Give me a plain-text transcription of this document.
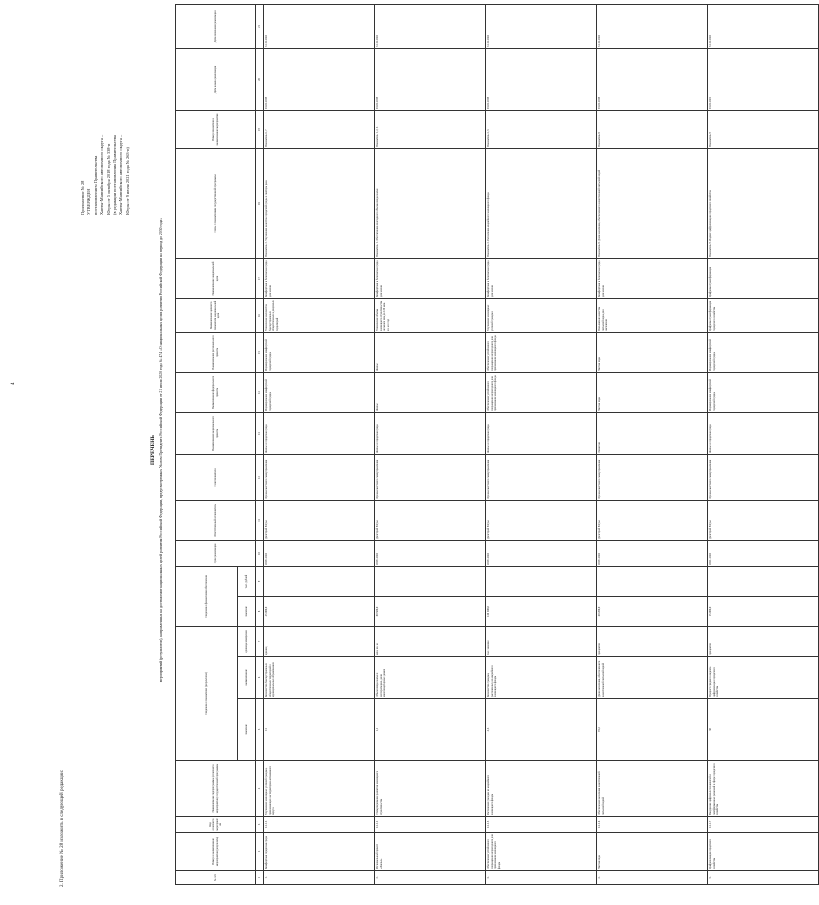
4
2. Приложение № 28 изложить в следующей редакции:
Приложение № 28 УТВЕРЖДЕН постановлением Правительства Ханты-Мансийского автономного округа – Югры от 5 октября 2018 года № 338-п (в редакции постановления Правительства Ханты-Мансийского автономного округа – Югры от 9 июля 2021 года № 263-п)
ПЕРЕЧЕНЬ мероприятий (результатов), направленных на достижение национальных целей развития Российской Федерации, предусмотренных Указом Президента Российской Федерации от 21 июля 2020 года № 474 «О национальных целях развития Российской Федерации на период до 2030 года»
№ п/п	Номер и наименование мероприятия (результата)	Код основного мероприятия	Наименование подпрограммы (основного мероприятия) государственной программы	Сведения о показателях (результатах)			Сведения о финансовом обеспечении		Срок реализации	Ответственный исполнитель	Соисполнители	Наименование национального проекта	Наименование федерального проекта	Наименование регионального проекта	Наименование целевого показателя национальной цели	Наименование национальной цели	Связь с показателями государственной программы	Номер показателя и наименование мероприятия	Дата начала реализации	Дата окончания реализации
				значение	наименование	единица измерения	значение	тыс. рублей												
1	2	3	4	5	6	7	8	9	10	11	12	13	14	15	16	17	18	19	20	21
1.	Комфортная городская среда	1.2.1.3	Улучшение жилищных условий граждан, проживающих на территории автономного округа	13	Количество благоустроенных общественных территорий в муниципальных образованиях	единиц	45 000,0		2019–2024	Депстрой Югры	Органы местного самоуправления	Жилье и городская среда	Формирование комфортной городской среды	Формирование комфортной городской среды	Увеличение количества благоустроенных общественных и дворовых территорий	Комфортная и безопасная среда для жизни	Показатель 2. Улучшение качества городской среды в полтора раза	Показатель 6, 7	01.01.2019	31.12.2024
2.	Региональный проект «Жилье»	1.2.1.2	Стимулирование развития жилищного строительства	1,1	Объем ввода жилья в эксплуатацию, доля многоквартирных домов	млн. кв. м	80 500,0		2019–2024	Депстрой Югры	Органы местного самоуправления	Жилье и городская среда	Жилье	Жилье	Увеличение объема жилищного строительства не менее чем до 120 млн. кв. м в год	Комфортная и безопасная среда для жизни	Показатель 1. Обеспечение ежегодного объема ввода жилья	Показатель 1, 2, 3	01.01.2019	31.12.2024
3.	Обеспечение устойчивого сокращения непригодного для проживания жилищного фонда	1.2.1.5	Расселение граждан из аварийного жилищного фонда	4,3	Количество граждан, расселенных из аварийного жилищного фонда	тыс. человек	120 300,0		2019–2024	Депстрой Югры	Органы местного самоуправления	Жилье и городская среда	Обеспечение устойчивого сокращения непригодного для проживания жилищного фонда	Обеспечение устойчивого сокращения непригодного для проживания жилищного фонда	Улучшение жилищных условий граждан	Комфортная и безопасная среда для жизни	Показатель 4. Расселение аварийного жилищного фонда	Показатель 4, 5	01.01.2019	31.12.2024
4.	Чистая вода	1.2.1.6	Обеспечение населения качественной питьевой водой	91,2	Доля населения, обеспеченного качественной питьевой водой	процентов	60 200,0		2019–2024	Депстрой Югры	Органы местного самоуправления	Экология	Чистая вода	Чистая вода	Повышение качества питьевой воды для населения	Комфортная и безопасная среда для жизни	Показатель 8. Доля населения, обеспеченного качественной питьевой водой	Показатель 8	01.01.2019	31.12.2024
5.	Цифровизация городского хозяйства	1.2.1.7	Внедрение цифровых технологий и платформенных решений в сфере городского хозяйства	30	Прирост среднего индекса цифровизации городского хозяйства	процентов	15 000,0		2021–2024	Депстрой Югры	Органы местного самоуправления	Жилье и городская среда	Формирование комфортной городской среды	Формирование комфортной городской среды	Цифровая трансформация городского хозяйства	Цифровая трансформация	Показатель 9. Индекс цифровизации городского хозяйства	Показатель 9	01.01.2021	31.12.2024
